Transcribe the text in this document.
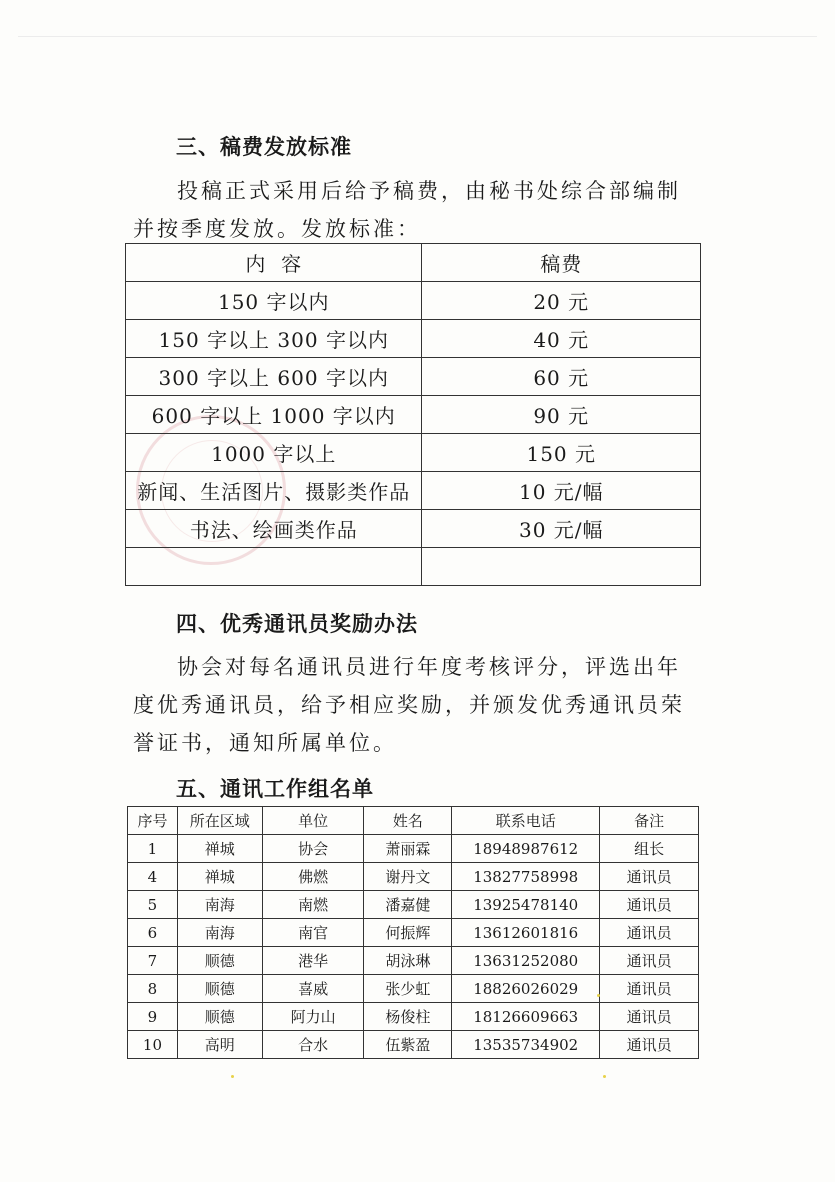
三、稿费发放标准

投稿正式采用后给予稿费，由秘书处综合部编制并按季度发放。发放标准：

内  容	稿费
150 字以内	20 元
150 字以上 300 字以内	40 元
300 字以上 600 字以内	60 元
600 字以上 1000 字以内	90 元
1000 字以上	150 元
新闻、生活图片、摄影类作品	10 元/幅
书法、绘画类作品	30 元/幅

四、优秀通讯员奖励办法

协会对每名通讯员进行年度考核评分，评选出年度优秀通讯员，给予相应奖励，并颁发优秀通讯员荣誉证书，通知所属单位。

五、通讯工作组名单
序号	所在区域	单位	姓名	联系电话	备注
1	禅城	协会	萧丽霖	18948987612	组长
4	禅城	佛燃	谢丹文	13827758998	通讯员
5	南海	南燃	潘嘉健	13925478140	通讯员
6	南海	南官	何振辉	13612601816	通讯员
7	顺德	港华	胡泳琳	13631252080	通讯员
8	顺德	喜威	张少虹	18826026029	通讯员
9	顺德	阿力山	杨俊柱	18126609663	通讯员
10	高明	合水	伍紫盈	13535734902	通讯员
